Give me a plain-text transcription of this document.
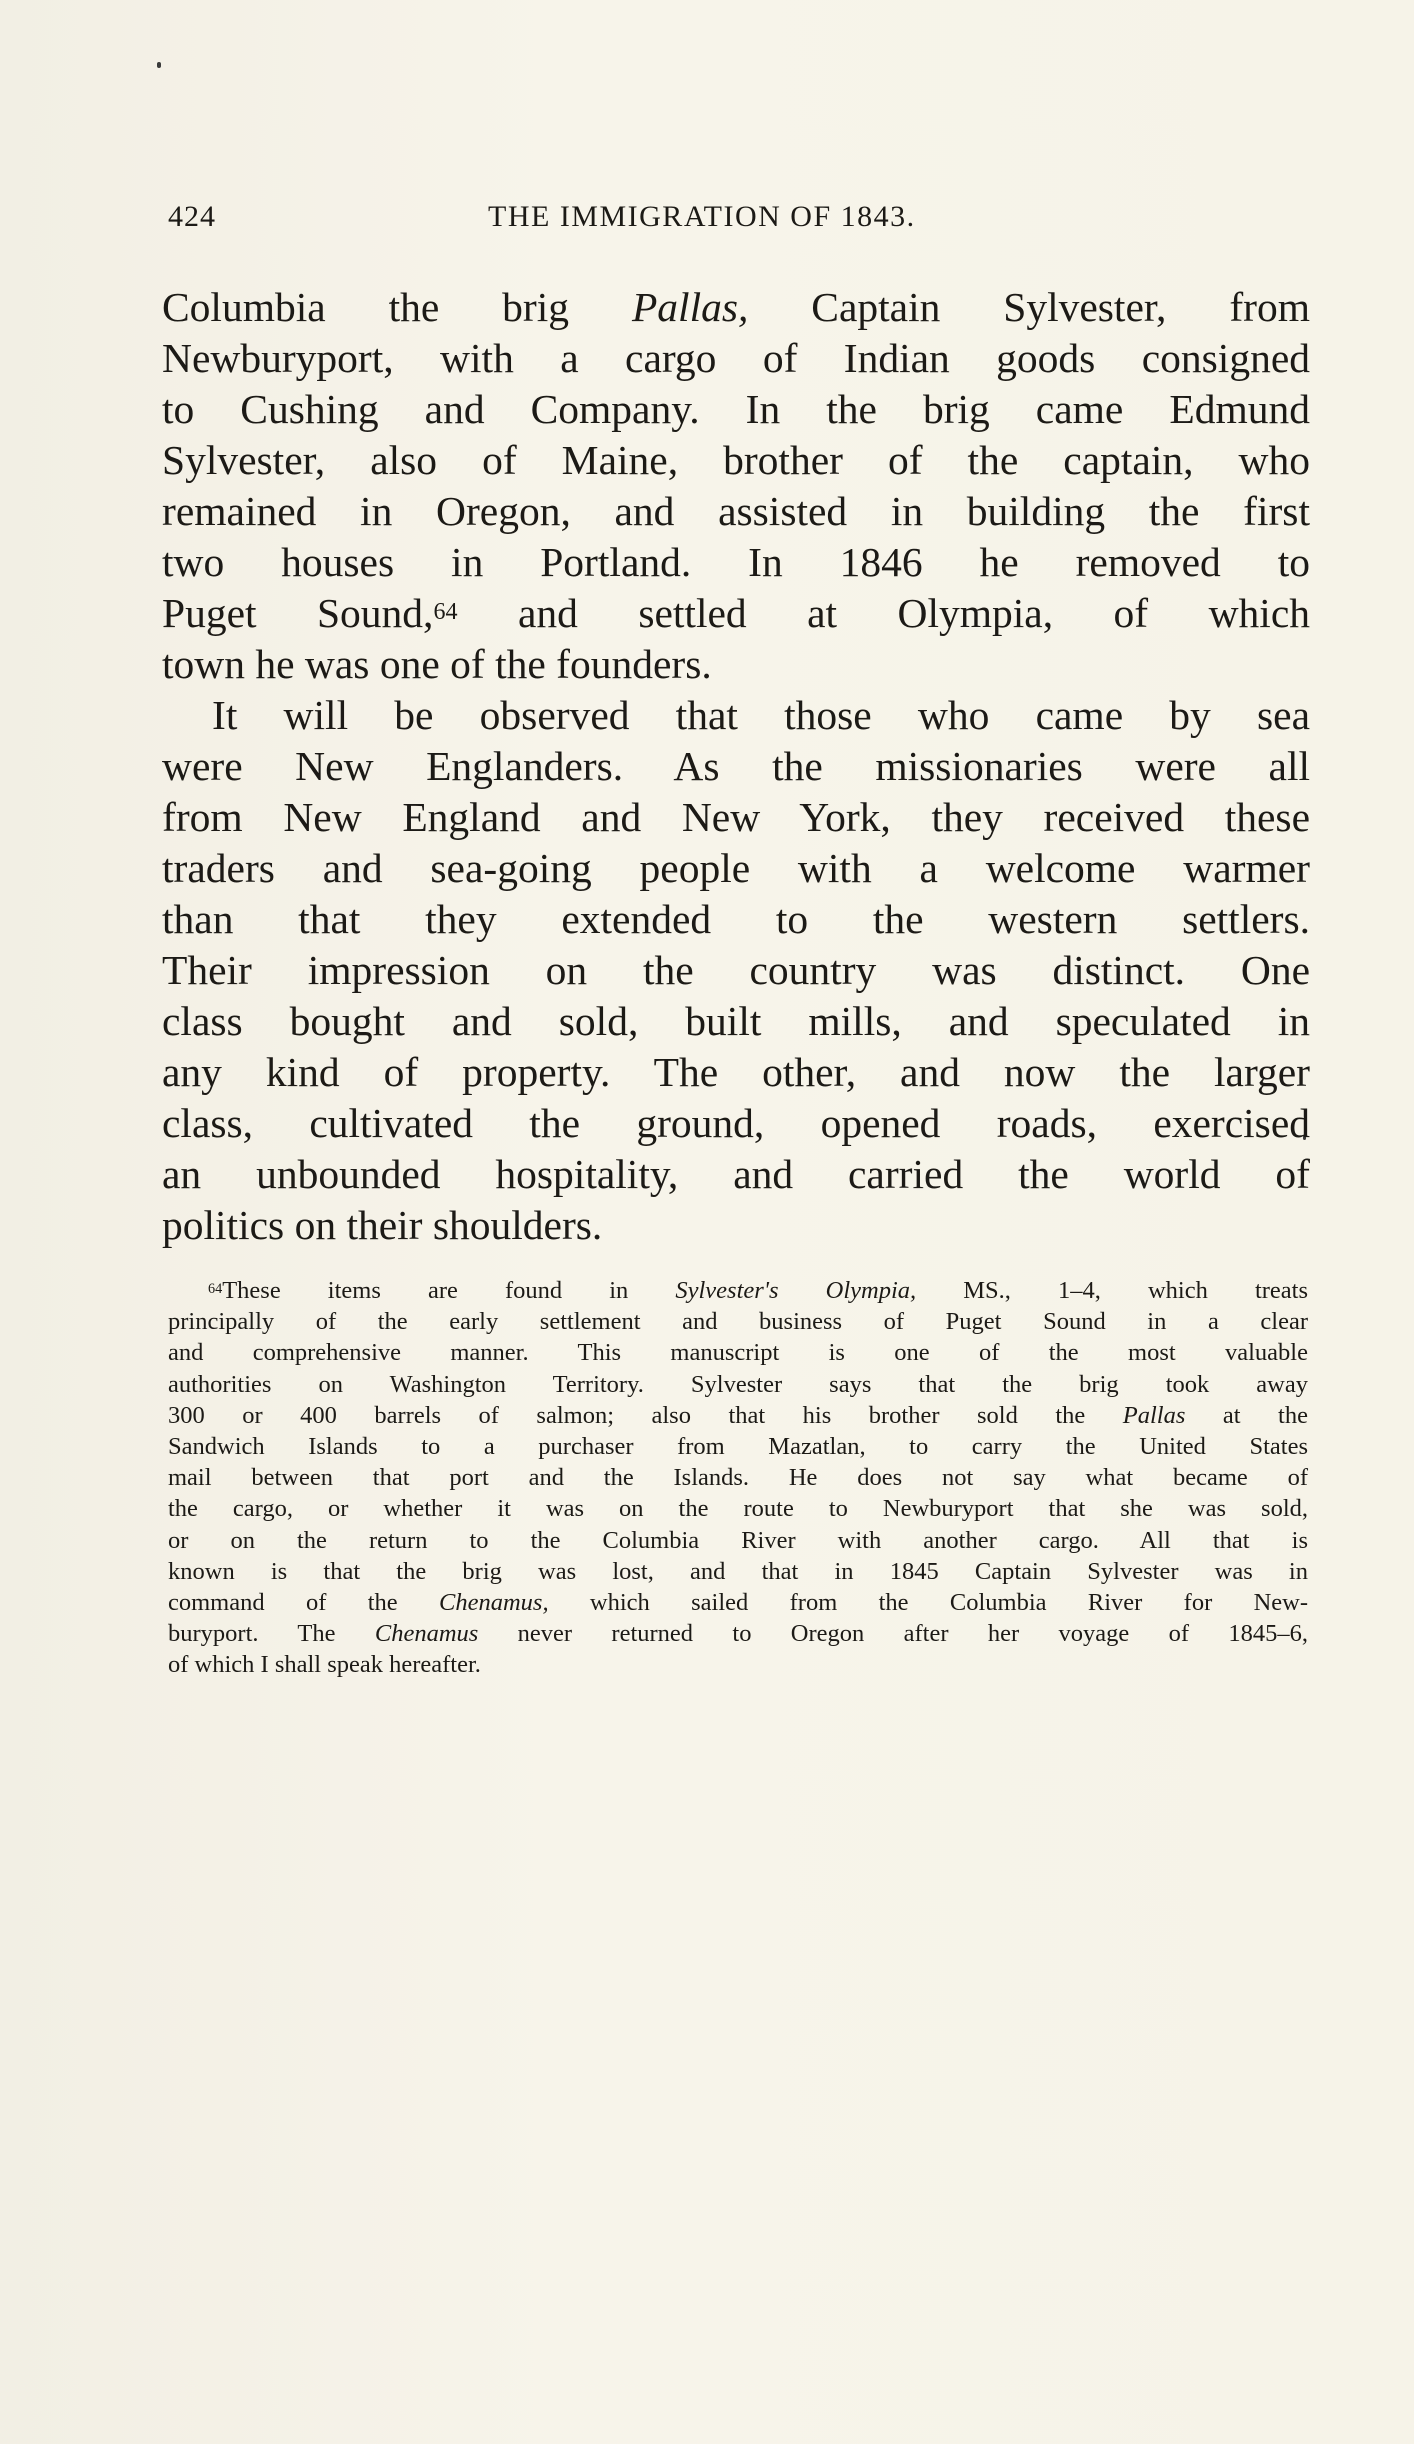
424	THE IMMIGRATION OF 1843.

Columbia the brig Pallas, Captain Sylvester, from
Newburyport, with a cargo of Indian goods consigned
to Cushing and Company. In the brig came Edmund
Sylvester, also of Maine, brother of the captain, who
remained in Oregon, and assisted in building the first
two houses in Portland. In 1846 he removed to
Puget Sound,$^{64}$ and settled at Olympia, of which
town he was one of the founders.

It will be observed that those who came by sea
were New Englanders. As the missionaries were all
from New England and New York, they received these
traders and sea-going people with a welcome warmer
than that they extended to the western settlers.
Their impression on the country was distinct. One
class bought and sold, built mills, and speculated in
any kind of property. The other, and now the larger
class, cultivated the ground, opened roads, exercised
an unbounded hospitality, and carried the world of
politics on their shoulders.

$^{64}$These items are found in Sylvester's Olympia, MS., 1–4, which treats
principally of the early settlement and business of Puget Sound in a clear
and comprehensive manner. This manuscript is one of the most valuable
authorities on Washington Territory. Sylvester says that the brig took away
300 or 400 barrels of salmon; also that his brother sold the Pallas at the
Sandwich Islands to a purchaser from Mazatlan, to carry the United States
mail between that port and the Islands. He does not say what became of
the cargo, or whether it was on the route to Newburyport that she was sold,
or on the return to the Columbia River with another cargo. All that is
known is that the brig was lost, and that in 1845 Captain Sylvester was in
command of the Chenamus, which sailed from the Columbia River for New-
buryport. The Chenamus never returned to Oregon after her voyage of 1845–6,
of which I shall speak hereafter.
